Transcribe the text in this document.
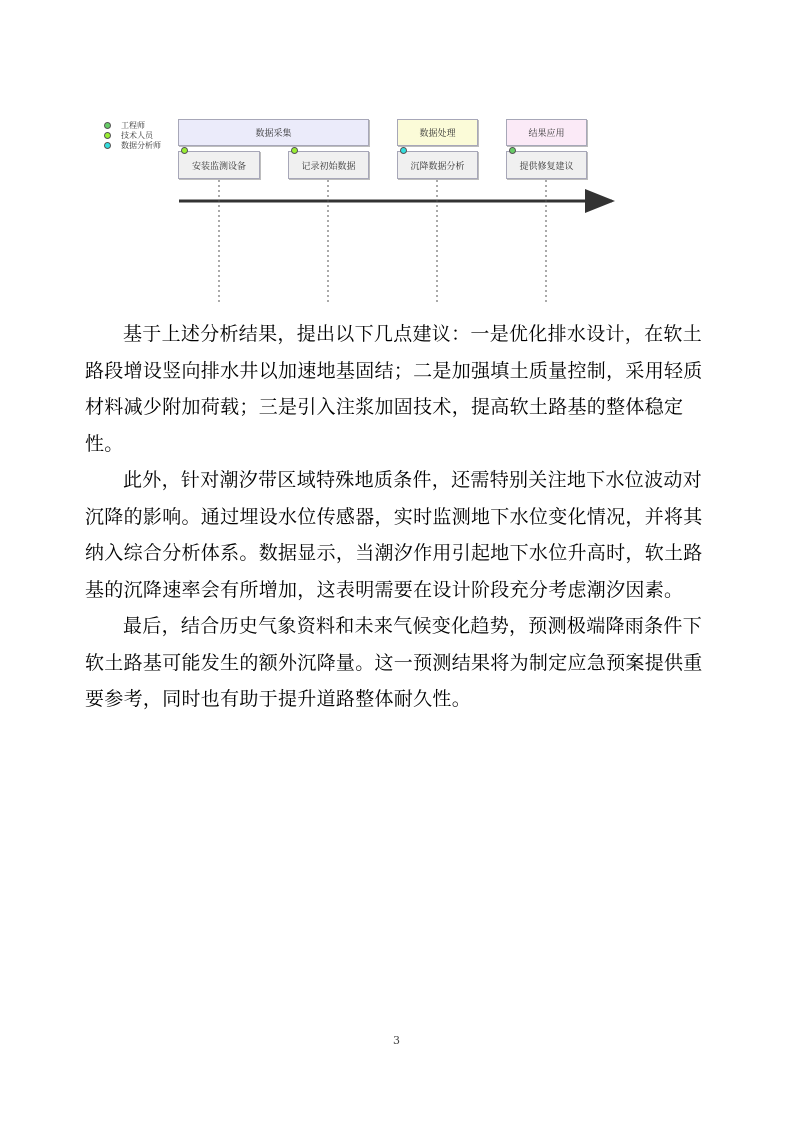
工程师
技术人员
数据分析师
数据采集	数据处理	结果应用
安装监测设备	记录初始数据	沉降数据分析	提供修复建议
基于上述分析结果，提出以下几点建议：一是优化排水设计，在软土
路段增设竖向排水井以加速地基固结；二是加强填土质量控制，采用轻质
材料减少附加荷载；三是引入注浆加固技术，提高软土路基的整体稳定
性。
此外，针对潮汐带区域特殊地质条件，还需特别关注地下水位波动对
沉降的影响。通过埋设水位传感器，实时监测地下水位变化情况，并将其
纳入综合分析体系。数据显示，当潮汐作用引起地下水位升高时，软土路
基的沉降速率会有所增加，这表明需要在设计阶段充分考虑潮汐因素。
最后，结合历史气象资料和未来气候变化趋势，预测极端降雨条件下
软土路基可能发生的额外沉降量。这一预测结果将为制定应急预案提供重
要参考，同时也有助于提升道路整体耐久性。
3
